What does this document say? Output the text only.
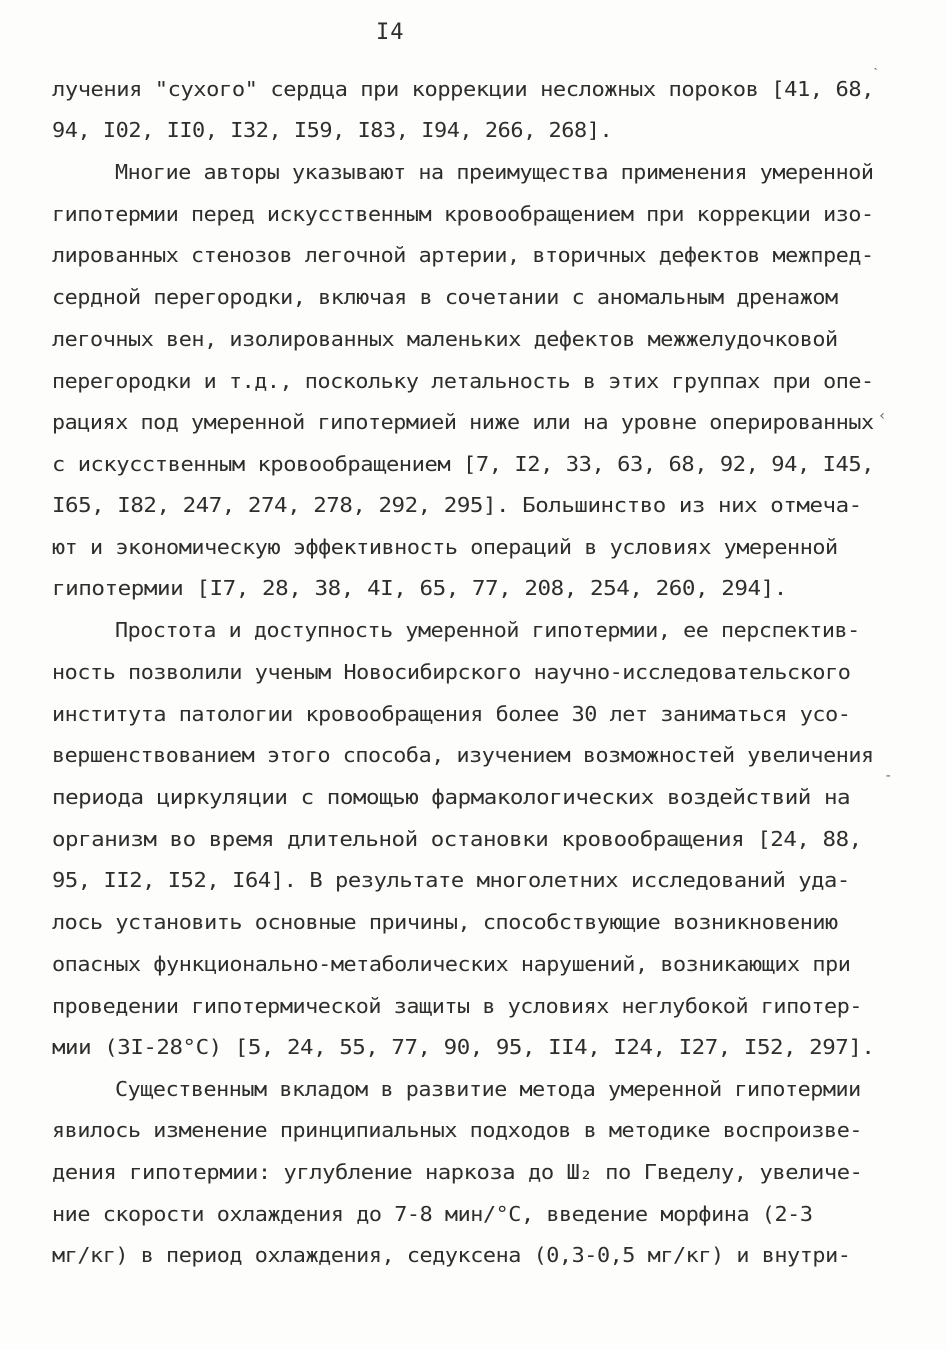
I4
лучения "сухого" сердца при коррекции несложных пороков [41, 68,
94, I02, II0, I32, I59, I83, I94, 266, 268].
Многие авторы указывают на преимущества применения умеренной
гипотермии перед искусственным кровообращением при коррекции изо-
лированных стенозов легочной артерии, вторичных дефектов межпред-
сердной перегородки, включая в сочетании с аномальным дренажом
легочных вен, изолированных маленьких дефектов межжелудочковой
перегородки и т.д., поскольку летальность в этих группах при опе-
рациях под умеренной гипотермией ниже или на уровне оперированных
с искусственным кровообращением [7, I2, 33, 63, 68, 92, 94, I45,
I65, I82, 247, 274, 278, 292, 295]. Большинство из них отмеча-
ют и экономическую эффективность операций в условиях умеренной
гипотермии [I7, 28, 38, 4I, 65, 77, 208, 254, 260, 294].
Простота и доступность умеренной гипотермии, ее перспектив-
ность позволили ученым Новосибирского научно-исследовательского
института патологии кровообращения более 30 лет заниматься усо-
вершенствованием этого способа, изучением возможностей увеличения
периода циркуляции с помощью фармакологических воздействий на
организм во время длительной остановки кровообращения [24, 88,
95, II2, I52, I64]. В результате многолетних исследований уда-
лось установить основные причины, способствующие возникновению
опасных функционально-метаболических нарушений, возникающих при
проведении гипотермической защиты в условиях неглубокой гипотер-
мии (3I-28°C) [5, 24, 55, 77, 90, 95, II4, I24, I27, I52, 297].
Существенным вкладом в развитие метода умеренной гипотермии
явилось изменение принципиальных подходов в методике воспроизве-
дения гипотермии: углубление наркоза до Ш₂ по Гведелу, увеличе-
ние скорости охлаждения до 7-8 мин/°C, введение морфина (2-3
мг/кг) в период охлаждения, седуксена (0,3-0,5 мг/кг) и внутри-
ˋ
‹
‐
